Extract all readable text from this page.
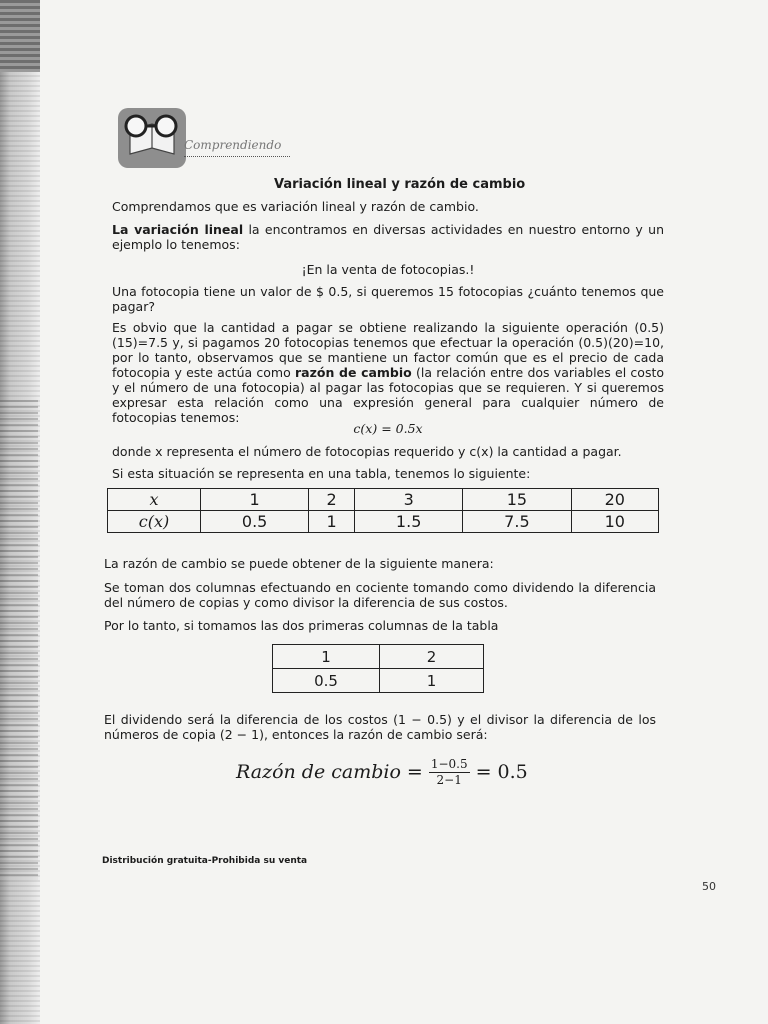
Comprendiendo
Variación lineal y razón de cambio
Comprendamos que es variación lineal y razón de cambio.
La variación lineal la encontramos en diversas actividades en nuestro entorno y un ejemplo lo tenemos:
¡En la venta de fotocopias.!
Una fotocopia tiene un valor de $ 0.5, si queremos 15 fotocopias ¿cuánto tenemos que pagar?
Es obvio que la cantidad a pagar se obtiene realizando la siguiente operación (0.5)(15)=7.5 y, si pagamos 20 fotocopias tenemos que efectuar la operación (0.5)(20)=10, por lo tanto, observamos que se mantiene un factor común que es el precio de cada fotocopia y este actúa como razón de cambio (la relación entre dos variables el costo y el número de una fotocopia) al pagar las fotocopias que se requieren. Y si queremos expresar esta relación como una expresión general para cualquier número de fotocopias tenemos:
c(x) = 0.5x
donde x representa el número de fotocopias requerido y c(x) la cantidad a pagar.
Si esta situación se representa en una tabla, tenemos lo siguiente:
x	1	2	3	15	20
c(x)	0.5	1	1.5	7.5	10
La razón de cambio se puede obtener de la siguiente manera:
Se toman dos columnas efectuando en cociente tomando como dividendo la diferencia del número de copias y como divisor la diferencia de sus costos.
Por lo tanto, si tomamos las dos primeras columnas de la tabla
1	2
0.5	1
El dividendo será la diferencia de los costos (1 − 0.5) y el divisor la diferencia de los números de copia (2 − 1), entonces la razón de cambio será:
Razón de cambio = $\frac{1-0.5}{2-1} = 0.5$
Distribución gratuita-Prohibida su venta
50
